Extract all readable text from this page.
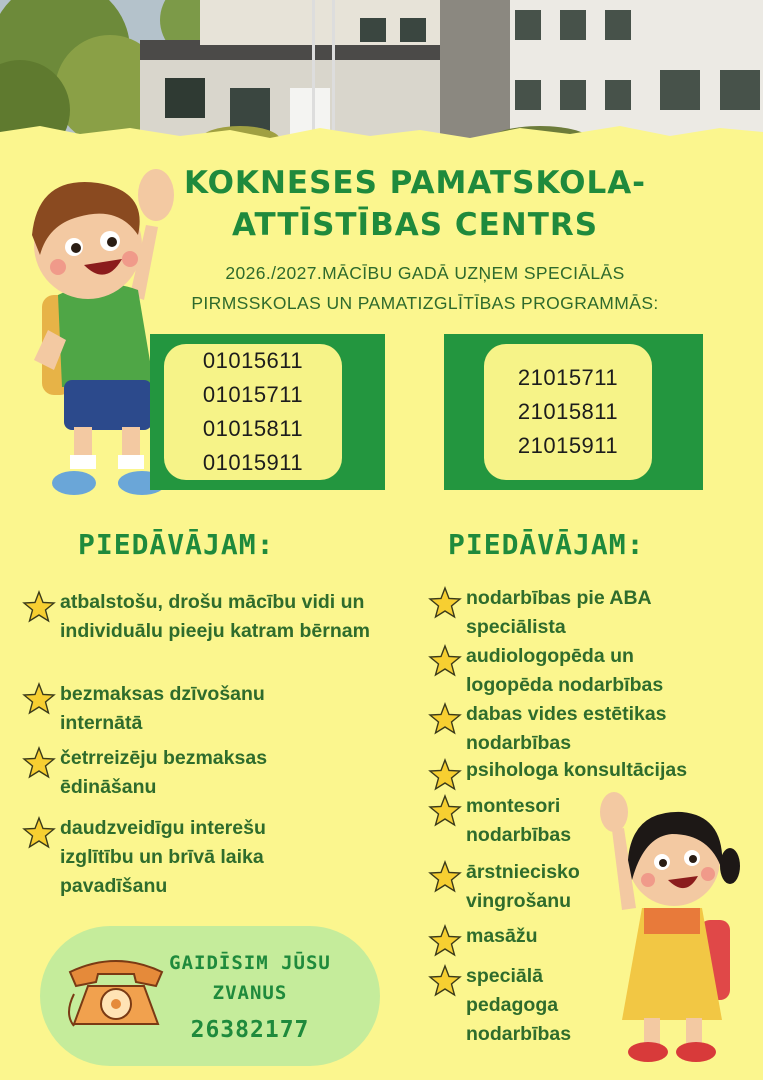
KOKNESES PAMATSKOLA-
ATTĪSTĪBAS CENTRS
2026./2027.MĀCĪBU GADĀ UZŅEM SPECIĀLĀS
PIRMSSKOLAS UN PAMATIZGLĪTĪBAS PROGRAMMĀS:
01015611
01015711
01015811
01015911
21015711
21015811
21015911
PIEDĀVĀJAM:	PIEDĀVĀJAM:
atbalstošu, drošu mācību vidi un individuālu pieeju katram bērnam
bezmaksas dzīvošanu internātā
četrreizēju bezmaksas ēdināšanu
daudzveidīgu interešu izglītību un brīvā laika pavadīšanu
nodarbības pie ABA speciālista
audiologopēda un logopēda nodarbības
dabas vides estētikas nodarbības
psihologa konsultācijas
montesori nodarbības
ārstniecisko vingrošanu
masāžu
speciālā pedagoga nodarbības
GAIDĪSIM JŪSU
ZVANUS
26382177
